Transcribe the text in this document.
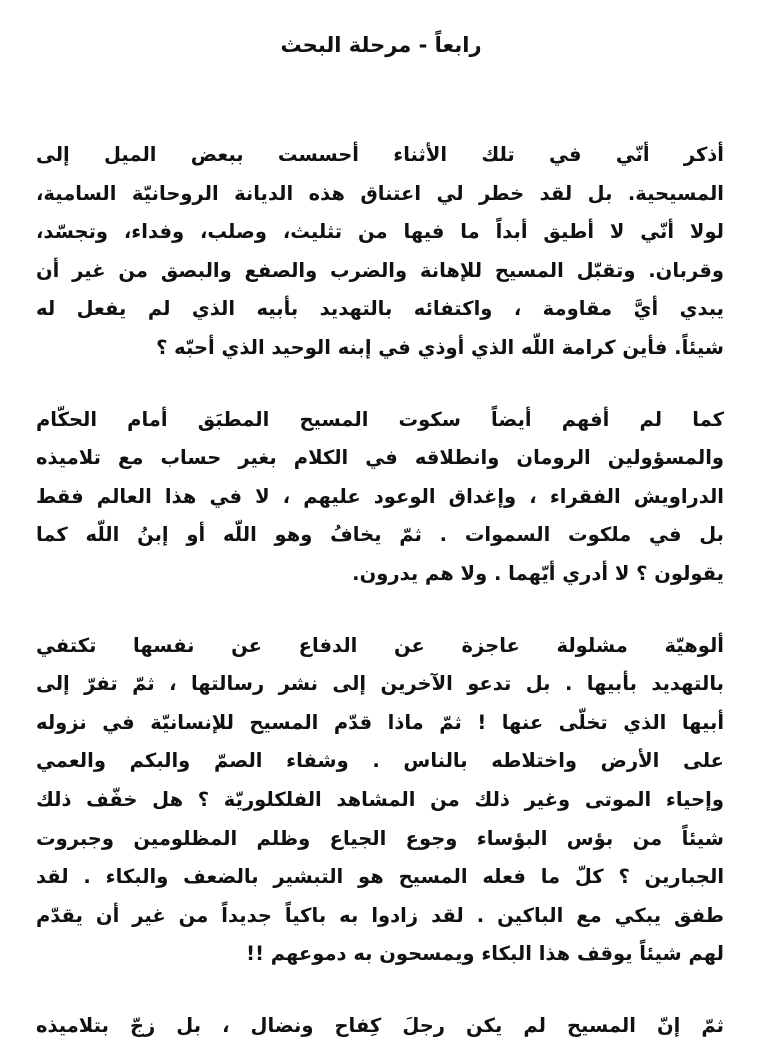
رابعاً - مرحلة البحث

أذكر أنّي في تلك الأثناء أحسست ببعض الميل إلى
المسيحية. بل لقد خطر لي اعتناق هذه الديانة الروحانيّة السامية،
لولا أنّي لا أطيق أبداً ما فيها من تثليث، وصلب، وفداء، وتجسّد،
وقربان. وتقبّل المسيح للإهانة والضرب والصفع والبصق من غير أن
يبدي أيَّ مقاومة ، واكتفائه بالتهديد بأبيه الذي لم يفعل له
شيئاً. فأين كرامة اللّه الذي أوذي في إبنه الوحيد الذي أحبّه ؟

كما لم أفهم أيضاً سكوت المسيح المطبَق أمام الحكّام
والمسؤولين الرومان وانطلاقه في الكلام بغير حساب مع تلاميذه
الدراويش الفقراء ، وإغداق الوعود عليهم ، لا في هذا العالم فقط
بل في ملكوت السموات . ثمّ يخافُ وهو اللّه أو إبنُ اللّه كما
يقولون ؟ لا أدري أيّهما . ولا هم يدرون.

ألوهيّة مشلولة عاجزة عن الدفاع عن نفسها تكتفي
بالتهديد بأبيها . بل تدعو الآخرين إلى نشر رسالتها ، ثمّ تفرّ إلى
أبيها الذي تخلّى عنها ! ثمّ ماذا قدّم المسيح للإنسانيّة في نزوله
على الأرض واختلاطه بالناس . وشفاء الصمّ والبكم والعمي
وإحياء الموتى وغير ذلك من المشاهد الفلكلوريّة ؟ هل خفّف ذلك
شيئاً من بؤس البؤساء وجوع الجياع وظلم المظلومين وجبروت
الجبارين ؟ كلّ ما فعله المسيح هو التبشير بالضعف والبكاء . لقد
طفق يبكي مع الباكين . لقد زادوا به باكياً جديداً من غير أن يقدّم
لهم شيئاً يوقف هذا البكاء ويمسحون به دموعهم !!

ثمّ إنّ المسيح لم يكن رجلَ كِفاح ونضال ، بل زجّ بتلاميذه
